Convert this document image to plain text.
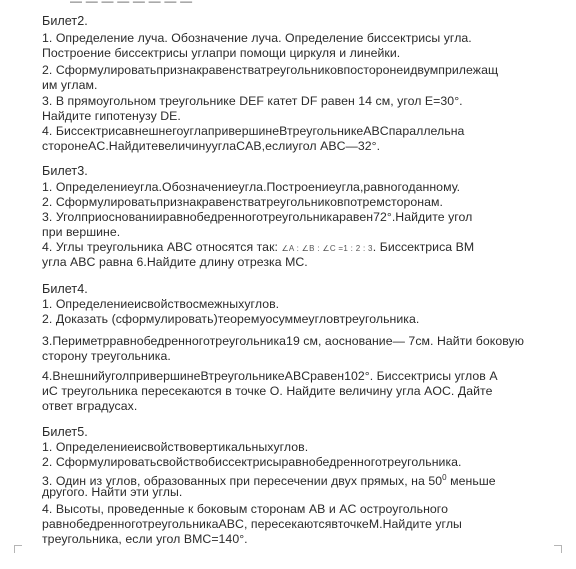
— — — — — — — —
Билет2.
1. Определение луча. Обозначение луча. Определение биссектрисы угла.
Построение биссектрисы углапри помощи циркуля и линейки.
2. Сформулироватьпризнакравенстватреугольниковпосторонеидвумприлежащ
им углам.
3. В прямоугольном треугольнике DEF катет DF равен 14 см, угол E=30°.
Найдите гипотенузу DE.
4. БиссектрисавнешнегоуглапривершинеВтреугольникеABCпараллельна
сторонеAC.НайдитевеличинууглаCAB,еслиугол ABC—32°.
Билет3.
1. Определениеугла.Обозначениеугла.Построениеугла,равногоданному.
2. Сформулироватьпризнакравенстватреугольниковпотремсторонам.
3. Уголприоснованииравнобедренноготреугольникаравен72°.Найдите угол
при вершине.
4. Углы треугольника ABC относятся так: ∠A : ∠B : ∠C =1 : 2 : 3. Биссектриса BM
угла ABC равна 6.Найдите длину отрезка MC.
Билет4.
1. Определениеисвойствосмежныхуглов.
2. Доказать (сформулировать)теоремуосуммеугловтреугольника.
3.Периметрравнобедренноготреугольника19 см, аоснование— 7см. Найти боковую
сторону треугольника.
4.ВнешнийуголпривершинеВтреугольникеABCравен102°. Биссектрисы углов A
иC треугольника пересекаются в точке O. Найдите величину угла AOC. Дайте
ответ вградусах.
Билет5.
1. Определениеисвойствовертикальныхуглов.
2. Сформулироватьсвойствобиссектрисыравнобедренноготреугольника.
3. Один из углов, образованных при пересечении двух прямых, на $50^0$ меньше
другого. Найти эти углы.
4. Высоты, проведенные к боковым сторонам AB и AC остроугольного
равнобедренноготреугольникаABC, пересекаютсявточкеM.Найдите углы
треугольника, если угол BMC=140°.
